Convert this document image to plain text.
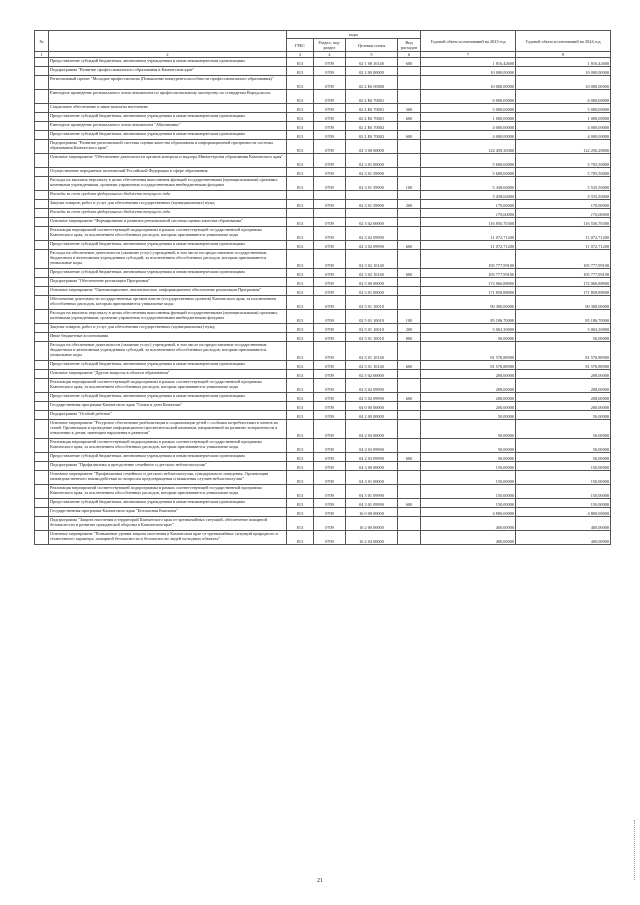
№		коды				Годовой объем ассигнований на 2023 год	Годовой объем ассигнований на 2024 год
		ГРБС	Раздел, под-раздел	Целевая статья	Вид расходов		
1	2	3	4	5	6	7	8
	Предоставление субсидий бюджетным, автономным учреждениям и иным некоммерческим организациям	813	0709	02 1 08 10140	600	1 816,42600	1 816,42600
	Подпрограмма "Развитие профессионального образования в Камчатском крае"	813	0709	02 2 00 00000		10 000,00000	10 000,00000
	Региональный проект "Молодые профессионалы (Повышение конкурентоспособности профессионального образования)"	813	0709	02 2 E6 00000		10 000,00000	10 000,00000
	Ежегодное проведение регионального этапа чемпионата по профессиональному мастерству по стандартам Ворлдскиллс	813	0709	02 2 E6 70001		6 000,00000	6 000,00000
	Социальное обеспечение и иные выплаты населению	813	0709	02 2 E6 70001	300	5 000,00000	5 000,00000
	Предоставление субсидий бюджетным, автономным учреждениям и иным некоммерческим организациям	813	0709	02 2 E6 70001	600	1 000,00000	1 000,00000
	Ежегодное проведение регионального этапа чемпионата "Абилимпикс"	813	0709	02 2 E6 70002		4 000,00000	4 000,00000
	Предоставление субсидий бюджетным, автономным учреждениям и иным некоммерческим организациям	813	0709	02 2 E6 70002	600	4 000,00000	4 000,00000
	Подпрограмма "Развитие региональной системы оценки качества образования и информационной прозрачности системы образования Камчатского края"	813	0709	02 3 00 00000		122 459,30300	122 256,20000
	Основное мероприятие "Обеспечение деятельности органов контроля и надзора Министерства образования Камчатского края"	813	0709	02 3 01 00000		5 608,60000	5 705,50000
	Осуществление переданных полномочий Российской Федерации в сфере образования	813	0709	02 3 01 59900		5 608,60000	5 705,50000
	Расходы на выплаты персоналу в целях обеспечения выполнения функций государственными (муниципальными) органами, казенными учреждениями, органами управления государственными внебюджетными фондами	813	0709	02 3 01 59900	100	5 438,60000	5 535,50000
	Расходы за счет средств федерального бюджета текущего года					5 438,60000	5 535,50000
	Закупка товаров, работ и услуг для обеспечения государственных (муниципальных) нужд	813	0709	02 3 01 59900	200	170,00000	170,00000
	Расходы за счет средств федерального бюджета текущего года					170,00000	170,00000
	Основное мероприятие "Формирование и развитие региональной системы оценки качества образования"	813	0709	02 3 02 00000		116 850,70300	116 550,70300
	Реализация мероприятий соответствующей подпрограммы в рамках соответствующей государственной программы Камчатского края, за исключением обособленных расходов, которым присваиваются уникальные коды	813	0709	02 3 02 09990		11 072,71200	11 072,71200
	Предоставление субсидий бюджетным, автономным учреждениям и иным некоммерческим организациям	813	0709	02 3 02 09990	600	11 072,71200	11 072,71200
	Расходы на обеспечение деятельности (оказание услуг) учреждений, в том числе на предоставление государственным бюджетным и автономным учреждениям субсидий, за исключением обособленных расходов, которым присваиваются уникальные коды	813	0709	02 3 02 10140		105 777,99100	105 777,99100
	Предоставление субсидий бюджетным, автономным учреждениям и иным некоммерческим организациям	813	0709	02 3 02 10140	600	105 777,99100	105 777,99100
	Подпрограмма "Обеспечение реализации Программы"	813	0709	02 5 00 00000		172 066,88900	172 066,88900
	Основное мероприятие "Организационное, аналитическое, информационное обеспечение реализации Программы"	813	0709	02 5 01 00000		171 858,88900	171 858,88900
	Обеспечение деятельности государственных органов власти (государственных органов) Камчатского края, за исключением обособленных расходов, которым присваиваются уникальные коды	813	0709	02 5 01 10010		90 300,00000	90 300,00000
	Расходы на выплаты персоналу в целях обеспечения выполнения функций государственными (муниципальными) органами, казенными учреждениями, органами управления государственными внебюджетными фондами	813	0709	02 5 01 10010	100	85 186,70000	85 186,70000
	Закупка товаров, работ и услуг для обеспечения государственных (муниципальных) нужд	813	0709	02 5 01 10010	200	5 063,30000	5 063,30000
	Иные бюджетные ассигнования	813	0709	02 5 01 10010	800	50,00000	50,00000
	Расходы на обеспечение деятельности (оказание услуг) учреждений, в том числе на предоставление государственным бюджетным и автономным учреждениям субсидий, за исключением обособленных расходов, которым присваиваются уникальные коды	813	0709	02 5 01 10140		81 578,88900	81 578,88900
	Предоставление субсидий бюджетным, автономным учреждениям и иным некоммерческим организациям	813	0709	02 5 01 10140	600	81 578,88900	81 578,88900
	Основное мероприятие "Другие вопросы в области образования"	813	0709	02 5 02 00000		208,00000	208,00000
	Реализация мероприятий соответствующей подпрограммы в рамках соответствующей государственной программы Камчатского края, за исключением обособленных расходов, которым присваиваются уникальные коды	813	0709	02 5 02 09990		208,00000	208,00000
	Предоставление субсидий бюджетным, автономным учреждениям и иным некоммерческим организациям	813	0709	02 5 02 09990	600	208,00000	208,00000
	Государственная программа Камчатского края "Семья и дети Камчатки"	813	0709	04 0 00 00000		200,00000	200,00000
	Подпрограмма "Особый ребенок"	813	0709	04 2 00 00000		50,00000	50,00000
	Основное мероприятие "Ресурсное обеспечение реабилитации и социализации детей с особыми потребностями в членов их семей. Организация и проведение информационно-просветительской кампании, направленной на развитие толерантности в отношении к детям, имеющим нарушения в развитии"	813	0709	04 2 03 00000		50,00000	50,00000
	Реализация мероприятий соответствующей подпрограммы в рамках соответствующей государственной программы Камчатского края, за исключением обособленных расходов, которым присваиваются уникальные коды	813	0709	04 2 03 09990		50,00000	50,00000
	Предоставление субсидий бюджетным, автономным учреждениям и иным некоммерческим организациям	813	0709	04 2 03 09990	600	50,00000	50,00000
	Подпрограмма "Профилактика и преодоление семейного и детского неблагополучия"	813	0709	04 3 00 00000		150,00000	150,00000
	Основное мероприятие "Профилактика семейного и детского неблагополучия, суицидального поведения. Организация межведомственного взаимодействия по вопросам предотвращения и выявления случаев неблагополучия"	813	0709	04 3 01 00000		150,00000	150,00000
	Реализация мероприятий соответствующей подпрограммы в рамках соответствующей государственной программы Камчатского края, за исключением обособленных расходов, которым присваиваются уникальные коды	813	0709	04 3 01 09990		150,00000	150,00000
	Предоставление субсидий бюджетным, автономным учреждениям и иным некоммерческим организациям	813	0709	04 3 01 09990	600	150,00000	150,00000
	Государственная программа Камчатского края "Безопасная Камчатка"	813	0709	16 0 00 00000		4 800,00000	4 800,00000
	Подпрограмма "Защита населения и территорий Камчатского края от чрезвычайных ситуаций, обеспечение пожарной безопасности и развитие гражданской обороны в Камчатском крае"	813	0709	16 2 00 00000		400,00000	400,00000
	Основное мероприятие "Повышение уровня защиты населения в Камчатском крае от чрезвычайных ситуаций природного и техногенного характера, пожарной безопасности и безопасности людей на водных объектах"	813	0709	16 2 04 00000		400,00000	400,00000
21
